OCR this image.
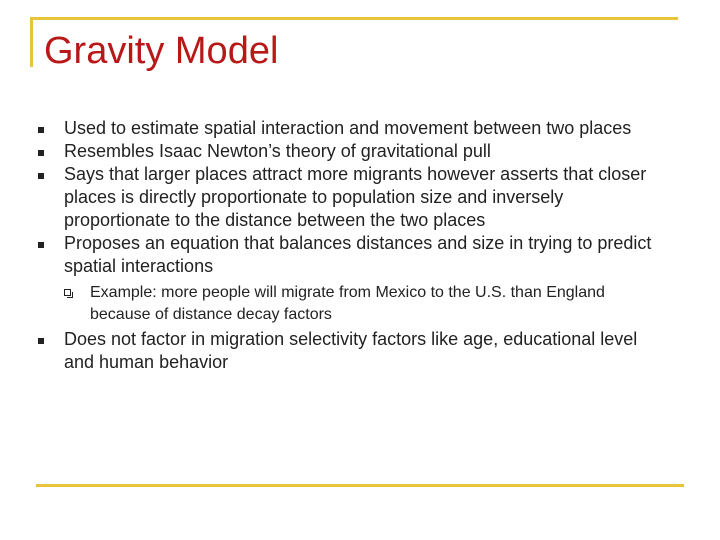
Gravity Model
Used to estimate spatial interaction and movement between two places
Resembles Isaac Newton’s theory of gravitational pull
Says that larger places attract more migrants however asserts that closer places is directly proportionate to population size and inversely proportionate to the distance between the two places
Proposes an equation that balances distances and size in trying to predict spatial interactions
Example: more people will migrate from Mexico to the U.S. than England because of distance decay factors
Does not factor in migration selectivity factors like age, educational level and human behavior
